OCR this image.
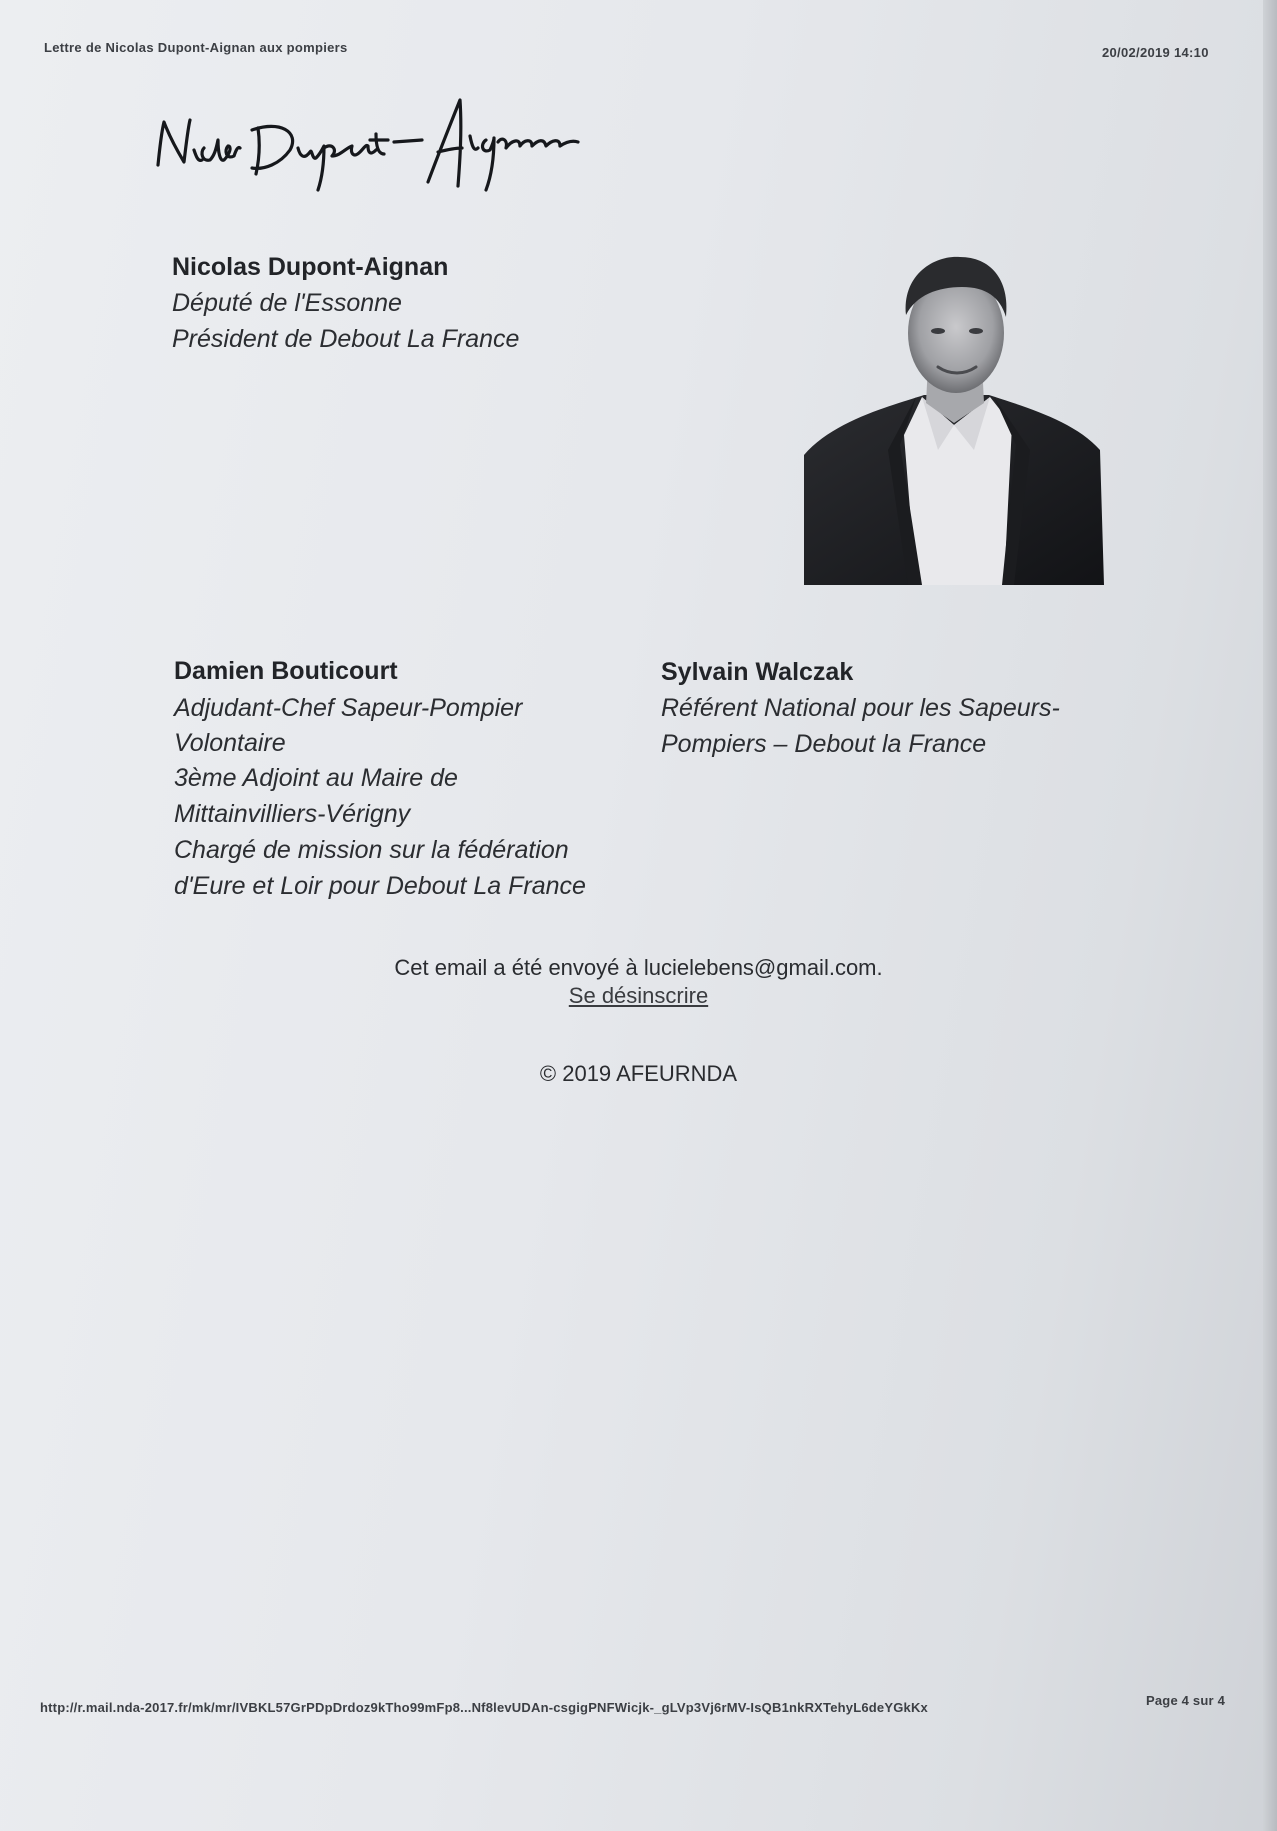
Lettre de Nicolas Dupont-Aignan aux pompiers	20/02/2019 14:10
Nicolas Dupont-Aignan
Député de l'Essonne
Président de Debout La France
Damien Bouticourt
Adjudant-Chef Sapeur-Pompier
Volontaire
3ème Adjoint au Maire de
Mittainvilliers-Vérigny
Chargé de mission sur la fédération
d'Eure et Loir pour Debout La France
Sylvain Walczak
Référent National pour les Sapeurs-
Pompiers – Debout la France
Cet email a été envoyé à lucielebens@gmail.com.
Se désinscrire
© 2019 AFEURNDA
http://r.mail.nda-2017.fr/mk/mr/IVBKL57GrPDpDrdoz9kTho99mFp8...Nf8levUDAn-csgigPNFWicjk-_gLVp3Vj6rMV-IsQB1nkRXTehyL6deYGkKx	Page 4 sur 4
